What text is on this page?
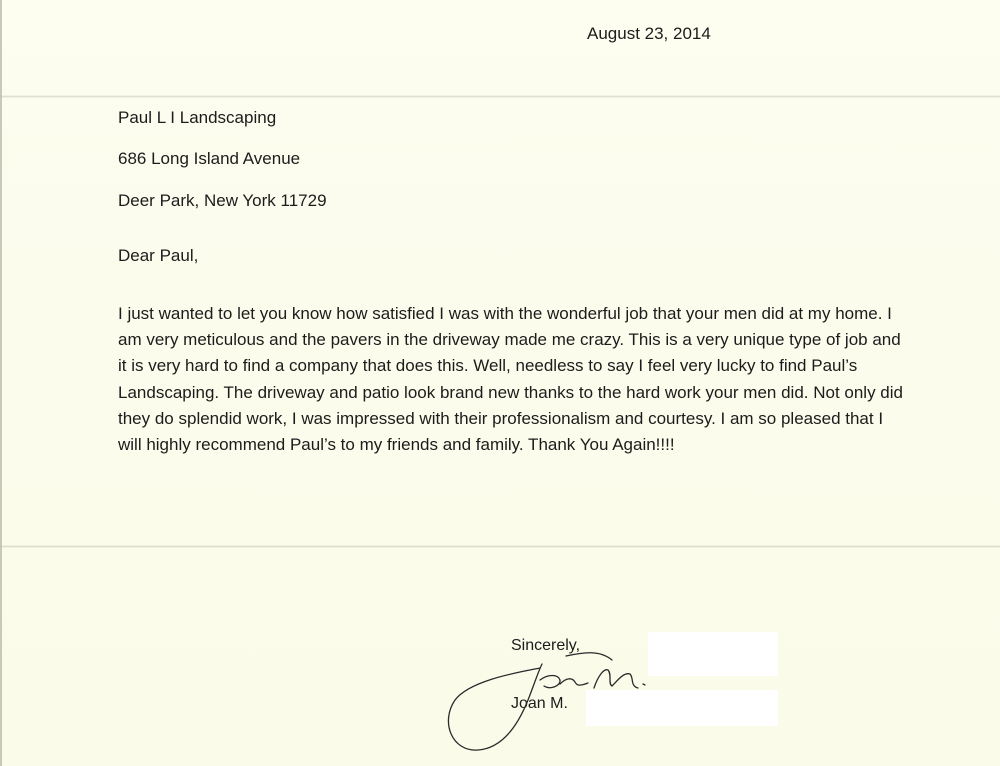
August 23, 2014
Paul L I Landscaping
686 Long Island Avenue
Deer Park, New York 11729
Dear Paul,
I just wanted to let you know how satisfied I was with the wonderful job that your men did at my home. I am very meticulous and the pavers in the driveway made me crazy. This is a very unique type of job and it is very hard to find a company that does this. Well, needless to say I feel very lucky to find Paul’s Landscaping. The driveway and patio look brand new thanks to the hard work your men did. Not only did they do splendid work, I was impressed with their professionalism and courtesy. I am so pleased that I will highly recommend Paul’s to my friends and family. Thank You Again!!!!
Sincerely,
Joan M.
